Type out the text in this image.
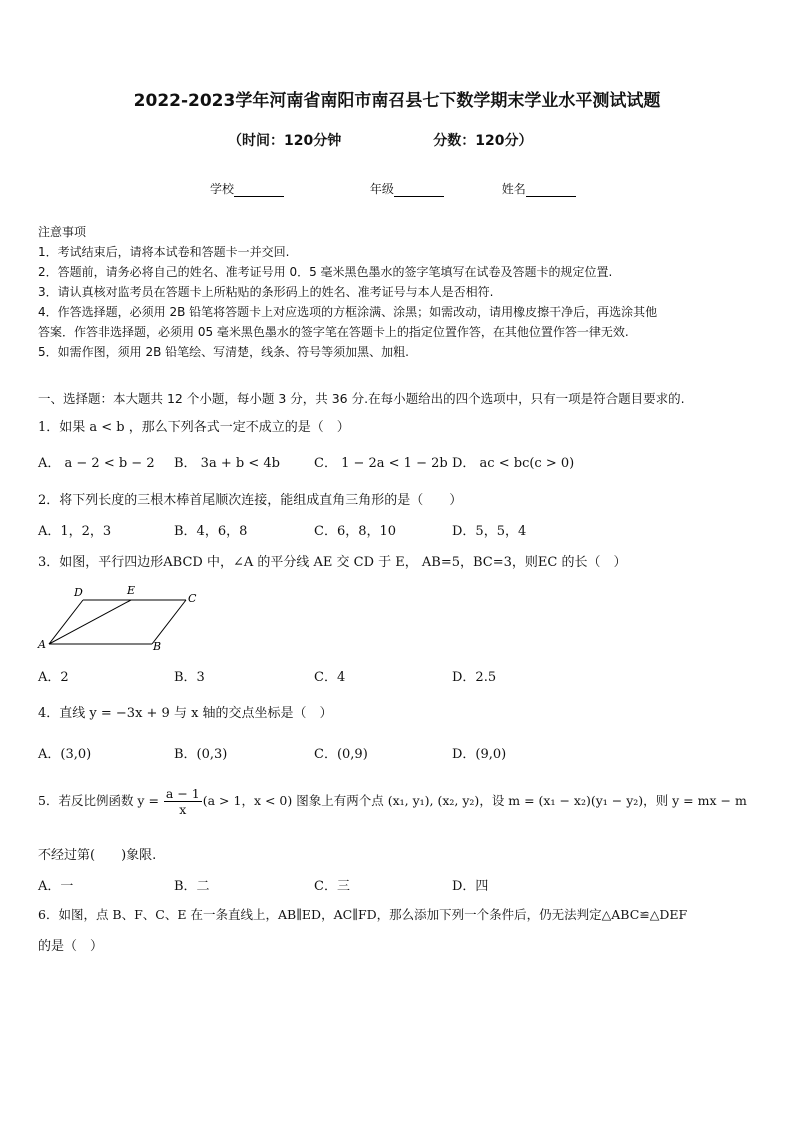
2022-2023学年河南省南阳市南召县七下数学期末学业水平测试试题
（时间：120分钟	分数：120分）
学校	年级	姓名
注意事项
1．考试结束后，请将本试卷和答题卡一并交回.
2．答题前，请务必将自己的姓名、准考证号用 0．5 毫米黑色墨水的签字笔填写在试卷及答题卡的规定位置.
3．请认真核对监考员在答题卡上所粘贴的条形码上的姓名、准考证号与本人是否相符.
4．作答选择题，必须用 2B 铅笔将答题卡上对应选项的方框涂满、涂黑；如需改动，请用橡皮擦干净后，再选涂其他
答案．作答非选择题，必须用 05 毫米黑色墨水的签字笔在答题卡上的指定位置作答，在其他位置作答一律无效.
5．如需作图，须用 2B 铅笔绘、写清楚，线条、符号等须加黑、加粗.
一、选择题：本大题共 12 个小题，每小题 3 分，共 36 分.在每小题给出的四个选项中，只有一项是符合题目要求的.
1．如果 a < b ，那么下列各式一定不成立的是（　）
A． a − 2 < b − 2 B． 3a + b < 4b	C． 1 − 2a < 1 − 2b D． ac < bc(c > 0)
2．将下列长度的三根木棒首尾顺次连接，能组成直角三角形的是（　　）
A．1，2，3	B．4，6，8	C．6，8，10	D．5，5，4
3．如图，平行四边形ABCD 中，∠A 的平分线 AE 交 CD 于 E， AB=5，BC=3，则EC 的长（　）
D	E
C
A	B
A．2	B．3	C．4	D．2.5
4．直线 y = −3x + 9 与 x 轴的交点坐标是（　）
A．(3,0)	B．(0,3)	C．(0,9)	D．(9,0)
5．若反比例函数 $y = \frac{a - 1}{x} (a > 1$，x < 0) 图象上有两个点 (x₁, y₁), (x₂, y₂)，设 m = (x₁ − x₂)(y₁ − y₂)，则 y = mx − m
不经过第(　　)象限.
A．一	B．二	C．三	D．四
6．如图，点 B、F、C、E 在一条直线上，AB∥ED，AC∥FD，那么添加下列一个条件后，仍无法判定△ABC≌△DEF
的是（　）
